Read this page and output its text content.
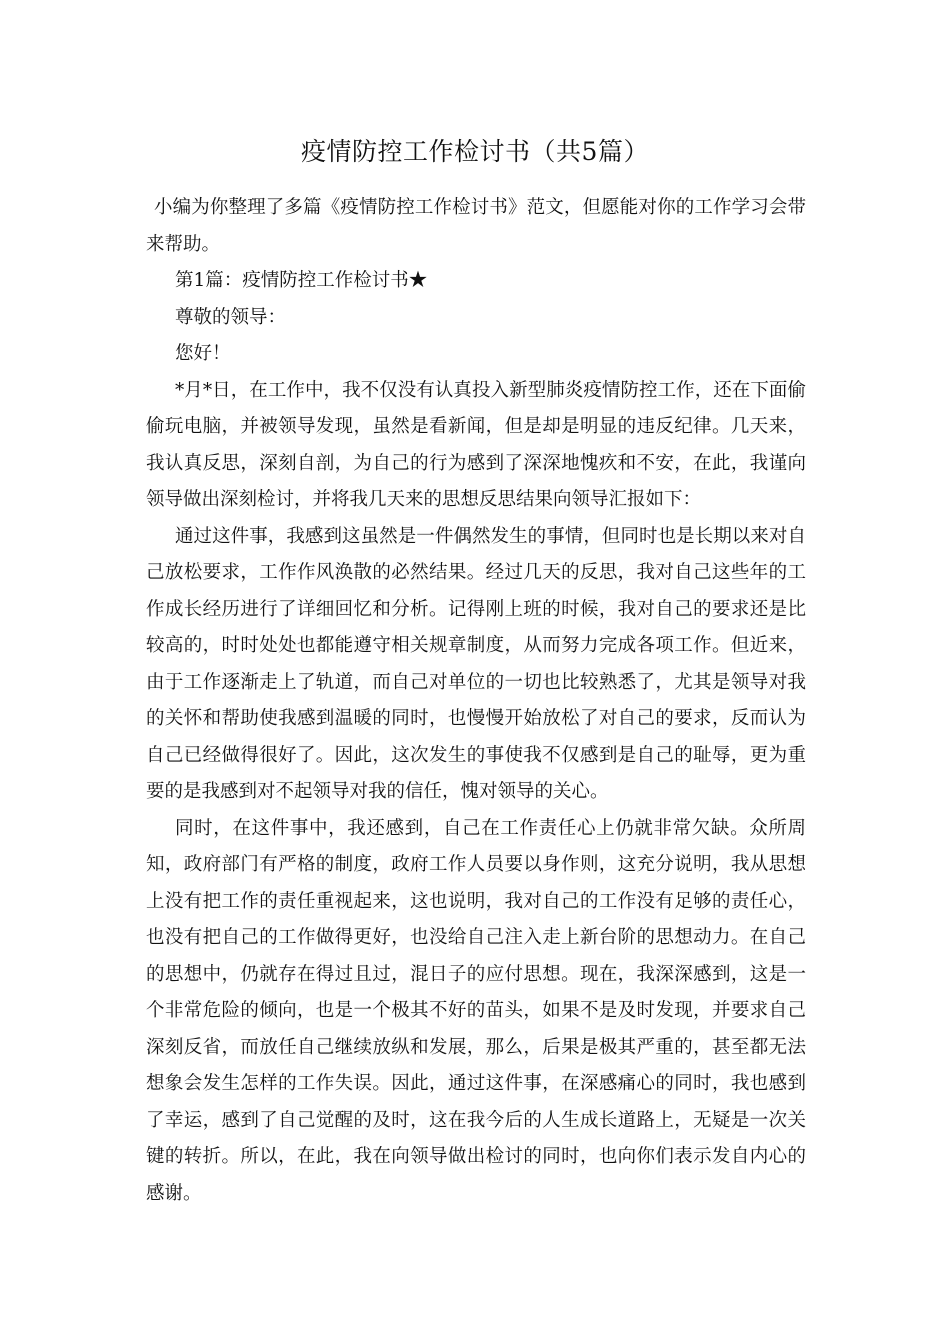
疫情防控工作检讨书（共5篇）

小编为你整理了多篇《疫情防控工作检讨书》范文，但愿能对你的工作学习会带来帮助。

第1篇：疫情防控工作检讨书★

尊敬的领导：

您好！

*月*日，在工作中，我不仅没有认真投入新型肺炎疫情防控工作，还在下面偷偷玩电脑，并被领导发现，虽然是看新闻，但是却是明显的违反纪律。几天来，我认真反思，深刻自剖，为自己的行为感到了深深地愧疚和不安，在此，我谨向领导做出深刻检讨，并将我几天来的思想反思结果向领导汇报如下：

通过这件事，我感到这虽然是一件偶然发生的事情，但同时也是长期以来对自己放松要求，工作作风涣散的必然结果。经过几天的反思，我对自己这些年的工作成长经历进行了详细回忆和分析。记得刚上班的时候，我对自己的要求还是比较高的，时时处处也都能遵守相关规章制度，从而努力完成各项工作。但近来，由于工作逐渐走上了轨道，而自己对单位的一切也比较熟悉了，尤其是领导对我的关怀和帮助使我感到温暖的同时，也慢慢开始放松了对自己的要求，反而认为自己已经做得很好了。因此，这次发生的事使我不仅感到是自己的耻辱，更为重要的是我感到对不起领导对我的信任，愧对领导的关心。

同时，在这件事中，我还感到，自己在工作责任心上仍就非常欠缺。众所周知，政府部门有严格的制度，政府工作人员要以身作则，这充分说明，我从思想上没有把工作的责任重视起来，这也说明，我对自己的工作没有足够的责任心，也没有把自己的工作做得更好，也没给自己注入走上新台阶的思想动力。在自己的思想中，仍就存在得过且过，混日子的应付思想。现在，我深深感到，这是一个非常危险的倾向，也是一个极其不好的苗头，如果不是及时发现，并要求自己深刻反省，而放任自己继续放纵和发展，那么，后果是极其严重的，甚至都无法想象会发生怎样的工作失误。因此，通过这件事，在深感痛心的同时，我也感到了幸运，感到了自己觉醒的及时，这在我今后的人生成长道路上，无疑是一次关键的转折。所以，在此，我在向领导做出检讨的同时，也向你们表示发自内心的感谢。
